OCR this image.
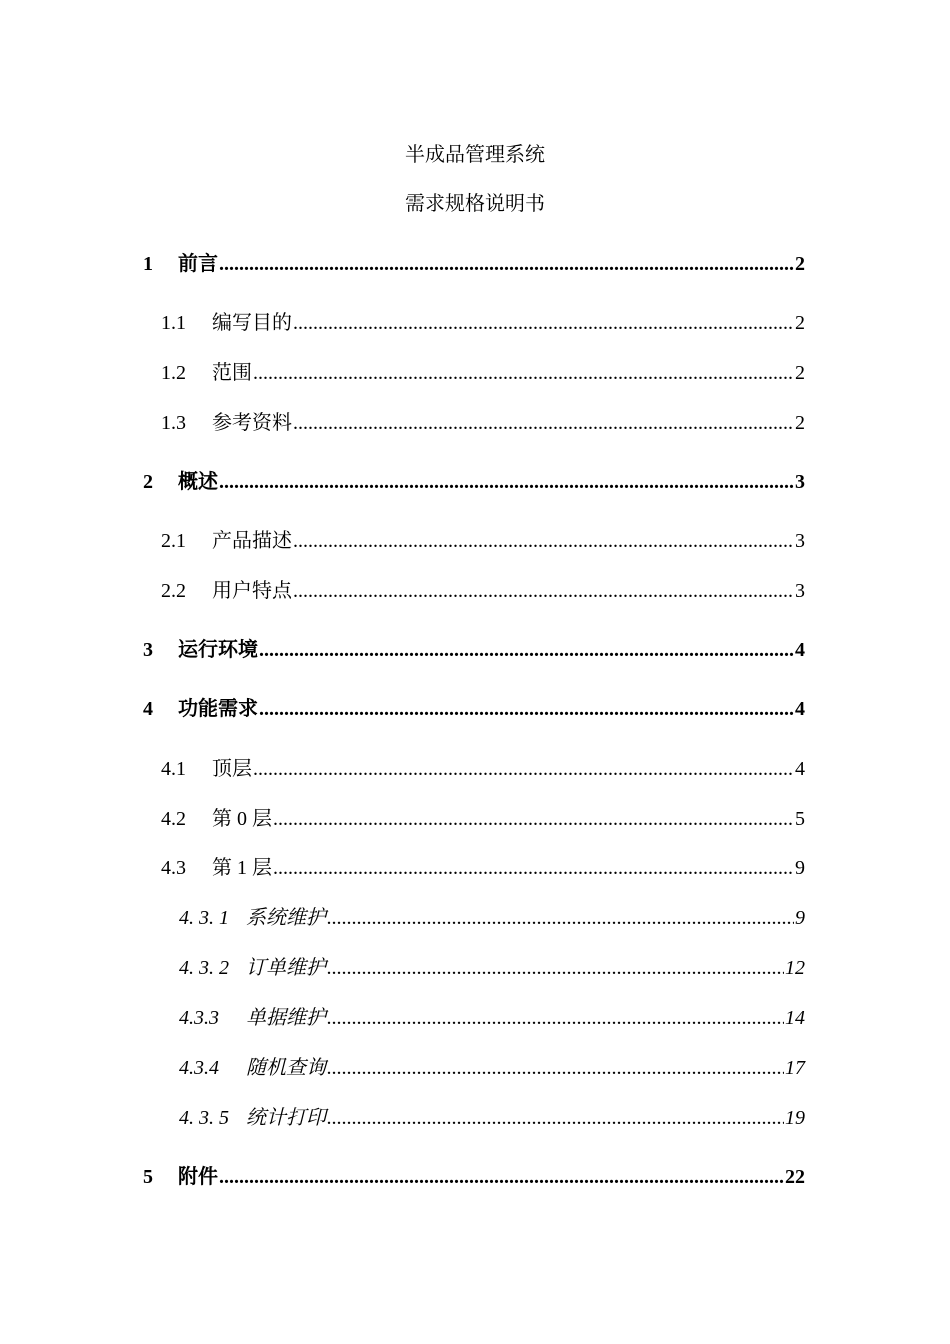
半成品管理系统
需求规格说明书
1	前言 .....	2
1.1	编写目的 .....	2
1.2	范围 .....	2
1.3	参考资料 .....	2
2	概述 .....	3
2.1	产品描述 .....	3
2.2	用户特点 .....	3
3	运行环境 .....	4
4	功能需求 .....	4
4.1	顶层 .....	4
4.2	第 0 层 .....	5
4.3	第 1 层 .....	9
4. 3. 1 系统维护 .....	9
4. 3. 2 订单维护 .....	12
4.3.3	单据维护 .....	14
4.3.4	随机查询 .....	17
4. 3. 5 统计打印 .....	19
5	附件 .....	22
